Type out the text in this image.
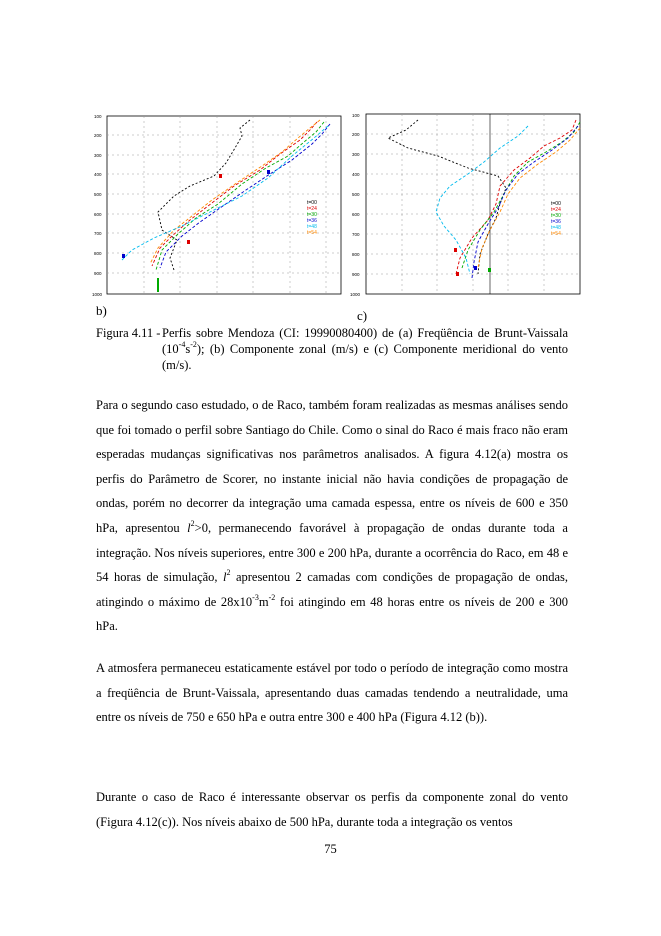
t=00
t=24
t=30
t=36
t=48
t=54
100
200
300
400
500
600
700
800
900
1000
t=00
t=24
t=30
t=36
t=48
t=54
100
200
300
400
500
600
700
800
900
1000
b)	c)
Figura 4.11 - Perfis sobre Mendoza (CI: 19990080400) de (a) Freqüência de Brunt-Vaissala $(10^{-4}s^{-2})$; (b) Componente zonal (m/s) e (c) Componente meridional do vento (m/s).

Para o segundo caso estudado, o de Raco, também foram realizadas as mesmas análises sendo que foi tomado o perfil sobre Santiago do Chile. Como o sinal do Raco é mais fraco não eram esperadas mudanças significativas nos parâmetros analisados. A figura 4.12(a) mostra os perfis do Parâmetro de Scorer, no instante inicial não havia condições de propagação de ondas, porém no decorrer da integração uma camada espessa, entre os níveis de 600 e 350 hPa, apresentou $l^2>0$, permanecendo favorável à propagação de ondas durante toda a integração. Nos níveis superiores, entre 300 e 200 hPa, durante a ocorrência do Raco, em 48 e 54 horas de simulação, $l^2$ apresentou 2 camadas com condições de propagação de ondas, atingindo o máximo de $28x10^{-3}m^{-2}$ foi atingindo em 48 horas entre os níveis de 200 e 300 hPa.

A atmosfera permaneceu estaticamente estável por todo o período de integração como mostra a freqüência de Brunt-Vaissala, apresentando duas camadas tendendo a neutralidade, uma entre os níveis de 750 e 650 hPa e outra entre 300 e 400 hPa (Figura 4.12 (b)).

Durante o caso de Raco é interessante observar os perfis da componente zonal do vento (Figura 4.12(c)). Nos níveis abaixo de 500 hPa, durante toda a integração os ventos

75
